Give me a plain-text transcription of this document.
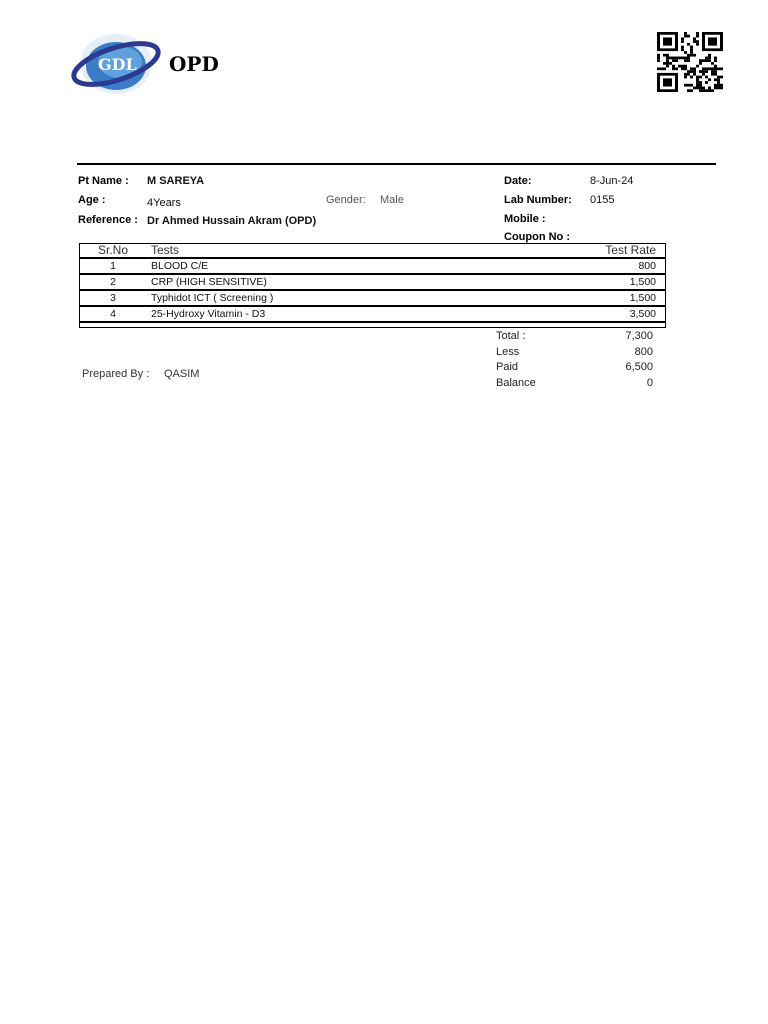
GDL OPD
Pt Name : M SAREYA
Age :	4Years	Gender: Male
Reference : Dr Ahmed Hussain Akram (OPD)
Date:	8-Jun-24
Lab Number: 0155
Mobile :
Coupon No :
Sr.No	Tests	Test Rate
1	BLOOD C/E	800
2	CRP (HIGH SENSITIVE)	1,500
3	Typhidot ICT ( Screening )	1,500
4	25-Hydroxy Vitamin - D3	3,500
Total :	7,300
Less	800
Paid	6,500
Balance	0
Prepared By : QASIM
